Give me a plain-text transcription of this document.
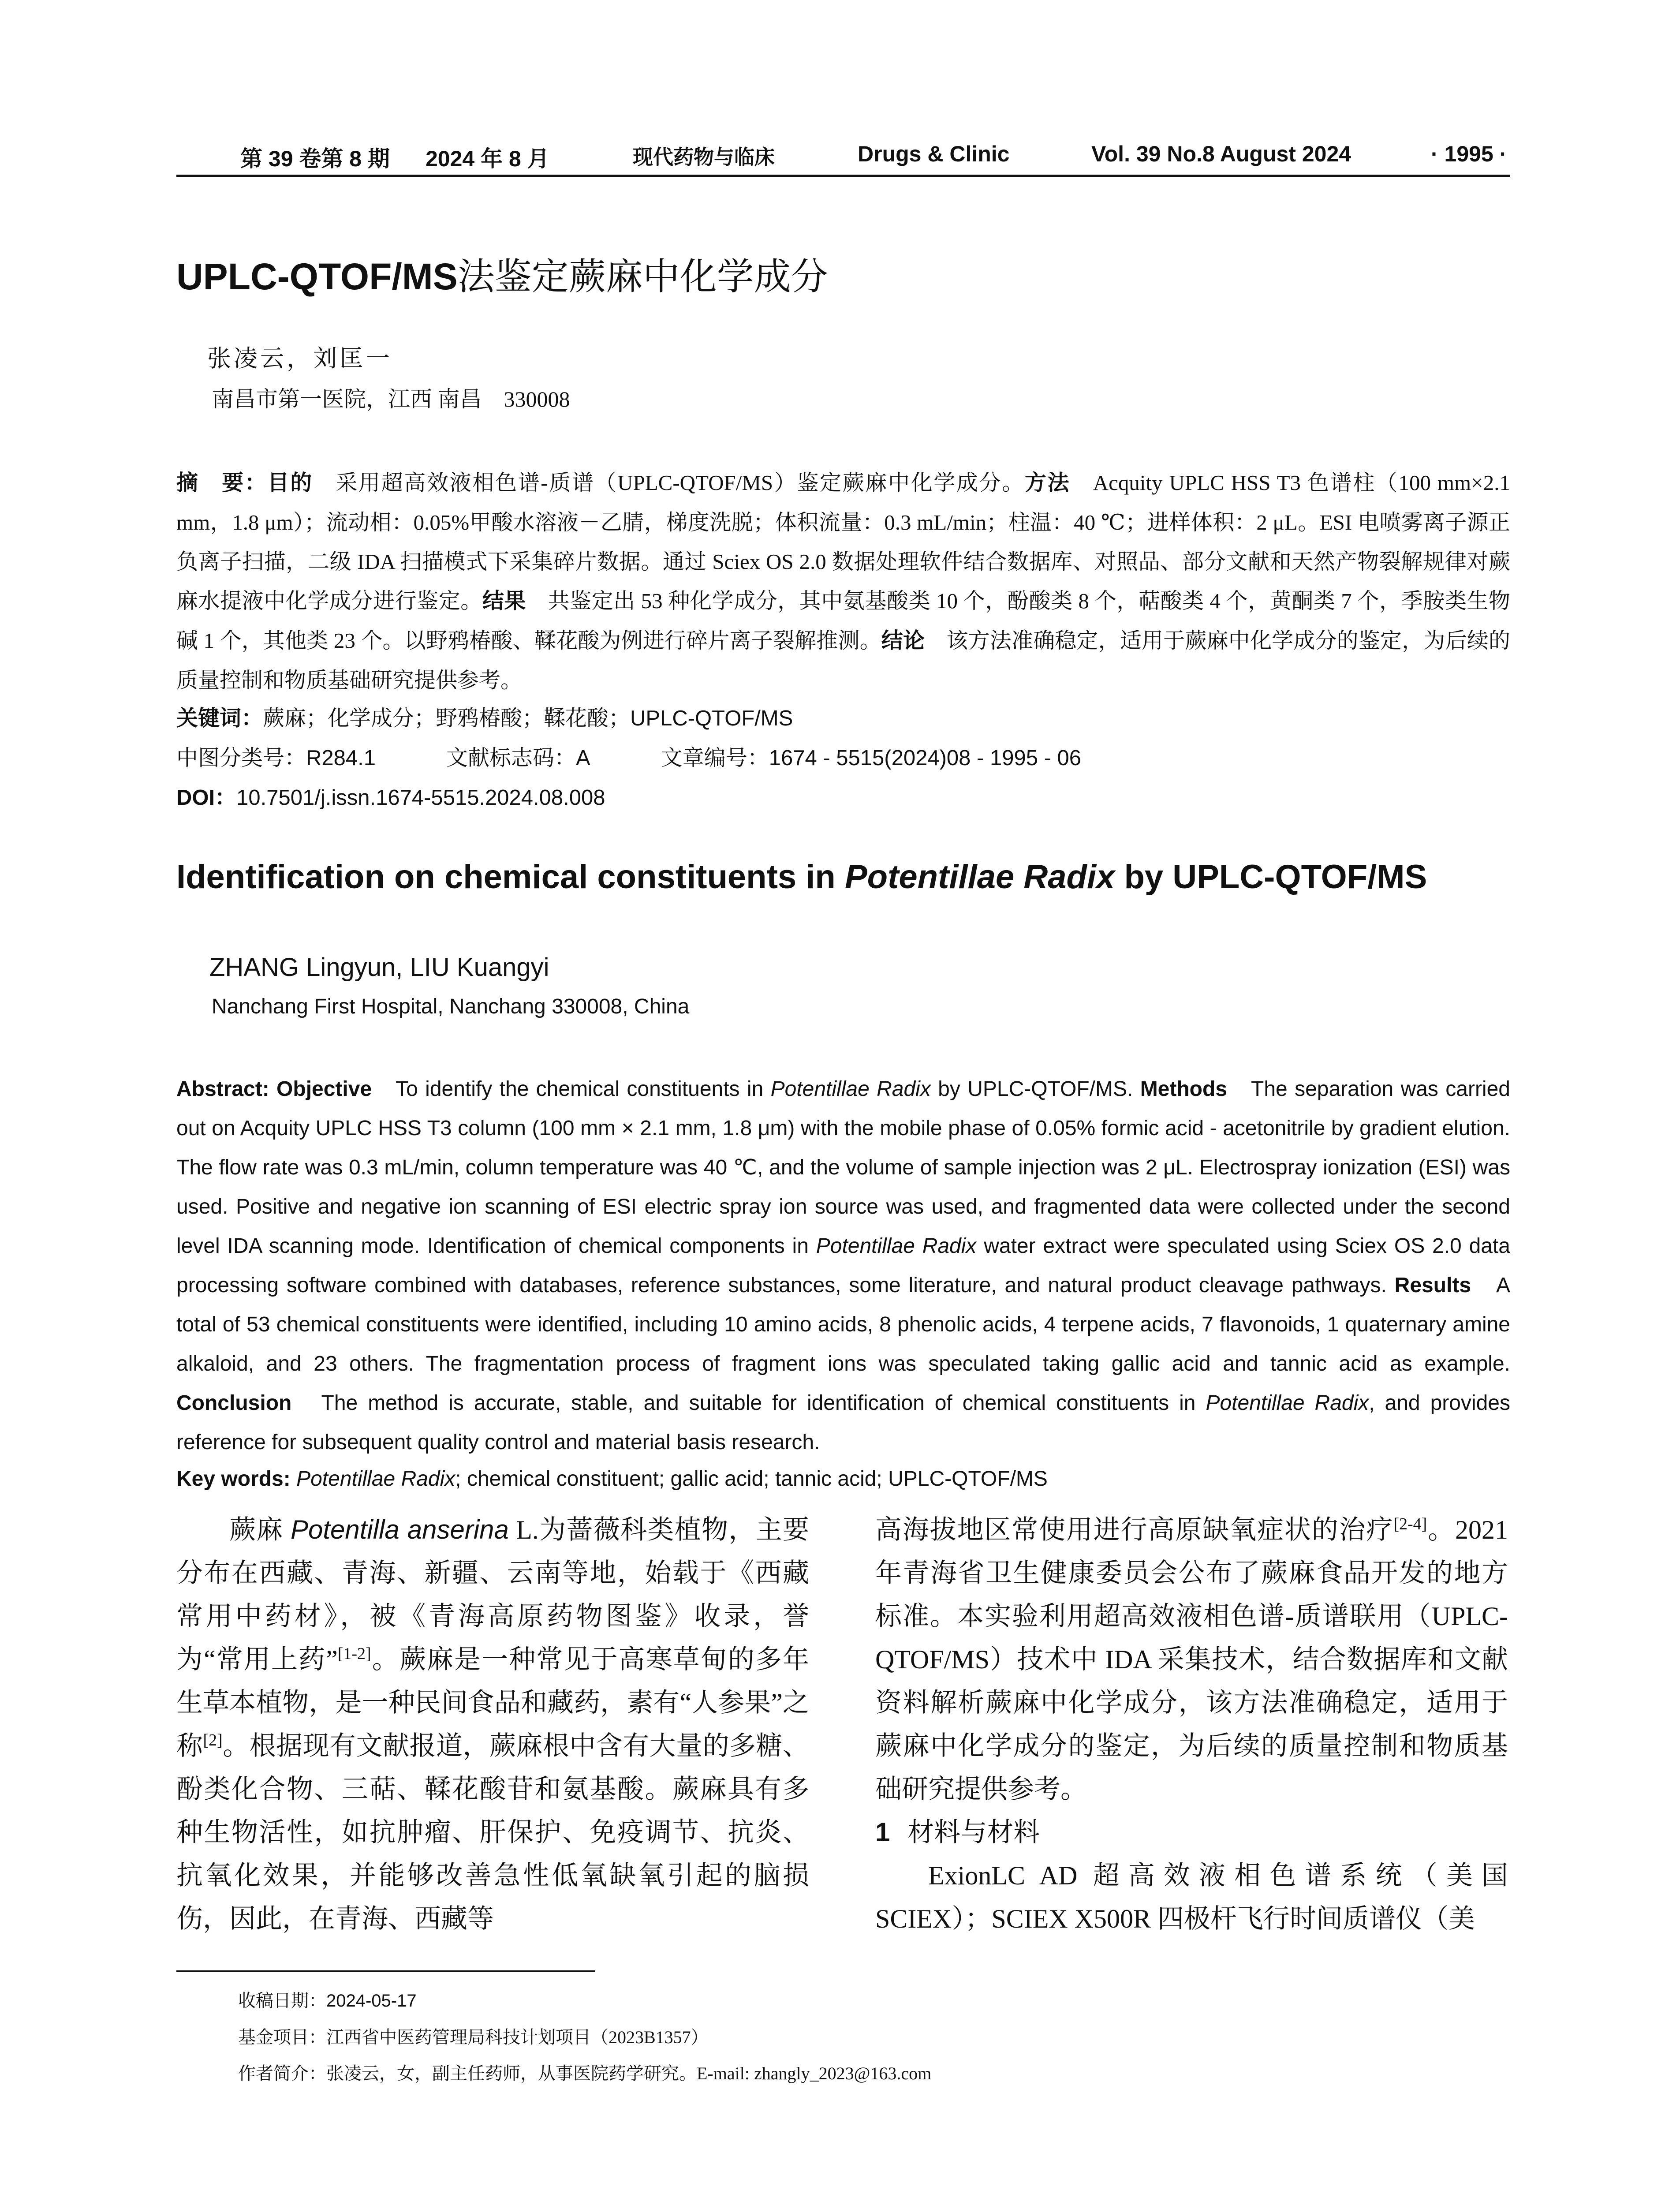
第 39 卷第 8 期 2024 年 8 月	现代药物与临床	Drugs & Clinic	Vol. 39 No.8 August 2024	· 1995 ·
UPLC-QTOF/MS法鉴定蕨麻中化学成分
张凌云，刘匡一
南昌市第一医院，江西 南昌　330008
摘　要：目的　采用超高效液相色谱-质谱（UPLC-QTOF/MS）鉴定蕨麻中化学成分。方法　Acquity UPLC HSS T3 色谱柱（100 mm×2.1 mm，1.8 μm）；流动相：0.05%甲酸水溶液－乙腈，梯度洗脱；体积流量：0.3 mL/min；柱温：40 ℃；进样体积：2 μL。ESI 电喷雾离子源正负离子扫描，二级 IDA 扫描模式下采集碎片数据。通过 Sciex OS 2.0 数据处理软件结合数据库、对照品、部分文献和天然产物裂解规律对蕨麻水提液中化学成分进行鉴定。结果　共鉴定出 53 种化学成分，其中氨基酸类 10 个，酚酸类 8 个，萜酸类 4 个，黄酮类 7 个，季胺类生物碱 1 个，其他类 23 个。以野鸦椿酸、鞣花酸为例进行碎片离子裂解推测。结论　该方法准确稳定，适用于蕨麻中化学成分的鉴定，为后续的质量控制和物质基础研究提供参考。
关键词：蕨麻；化学成分；野鸦椿酸；鞣花酸；UPLC-QTOF/MS
中图分类号：R284.1	文献标志码：A	文章编号：1674 - 5515(2024)08 - 1995 - 06
DOI：10.7501/j.issn.1674-5515.2024.08.008
Identification on chemical constituents in Potentillae Radix by UPLC-QTOF/MS
ZHANG Lingyun, LIU Kuangyi
Nanchang First Hospital, Nanchang 330008, China
Abstract: Objective　To identify the chemical constituents in Potentillae Radix by UPLC-QTOF/MS. Methods　The separation was carried out on Acquity UPLC HSS T3 column (100 mm × 2.1 mm, 1.8 μm) with the mobile phase of 0.05% formic acid - acetonitrile by gradient elution. The flow rate was 0.3 mL/min, column temperature was 40 ℃, and the volume of sample injection was 2 μL. Electrospray ionization (ESI) was used. Positive and negative ion scanning of ESI electric spray ion source was used, and fragmented data were collected under the second level IDA scanning mode. Identification of chemical components in Potentillae Radix water extract were speculated using Sciex OS 2.0 data processing software combined with databases, reference substances, some literature, and natural product cleavage pathways. Results　A total of 53 chemical constituents were identified, including 10 amino acids, 8 phenolic acids, 4 terpene acids, 7 flavonoids, 1 quaternary amine alkaloid, and 23 others. The fragmentation process of fragment ions was speculated taking gallic acid and tannic acid as example. Conclusion　The method is accurate, stable, and suitable for identification of chemical constituents in Potentillae Radix, and provides reference for subsequent quality control and material basis research.
Key words: Potentillae Radix; chemical constituent; gallic acid; tannic acid; UPLC-QTOF/MS

蕨麻 Potentilla anserina L.为蔷薇科类植物，主要分布在西藏、青海、新疆、云南等地，始载于《西藏常用中药材》，被《青海高原药物图鉴》收录，誉为“常用上药”[1-2]。蕨麻是一种常见于高寒草甸的多年生草本植物，是一种民间食品和藏药，素有“人参果”之称[2]。根据现有文献报道，蕨麻根中含有大量的多糖、酚类化合物、三萜、鞣花酸苷和氨基酸。蕨麻具有多种生物活性，如抗肿瘤、肝保护、免疫调节、抗炎、抗氧化效果，并能够改善急性低氧缺氧引起的脑损伤，因此，在青海、西藏等

高海拔地区常使用进行高原缺氧症状的治疗[2-4]。2021 年青海省卫生健康委员会公布了蕨麻食品开发的地方标准。本实验利用超高效液相色谱-质谱联用（UPLC-QTOF/MS）技术中 IDA 采集技术，结合数据库和文献资料解析蕨麻中化学成分，该方法准确稳定，适用于蕨麻中化学成分的鉴定，为后续的质量控制和物质基础研究提供参考。

1 材料与材料

ExionLC AD 超高效液相色谱系统（美国 SCIEX）；SCIEX X500R 四极杆飞行时间质谱仪（美

收稿日期：2024-05-17
基金项目：江西省中医药管理局科技计划项目（2023B1357）
作者简介：张凌云，女，副主任药师，从事医院药学研究。E-mail: zhangly_2023@163.com
